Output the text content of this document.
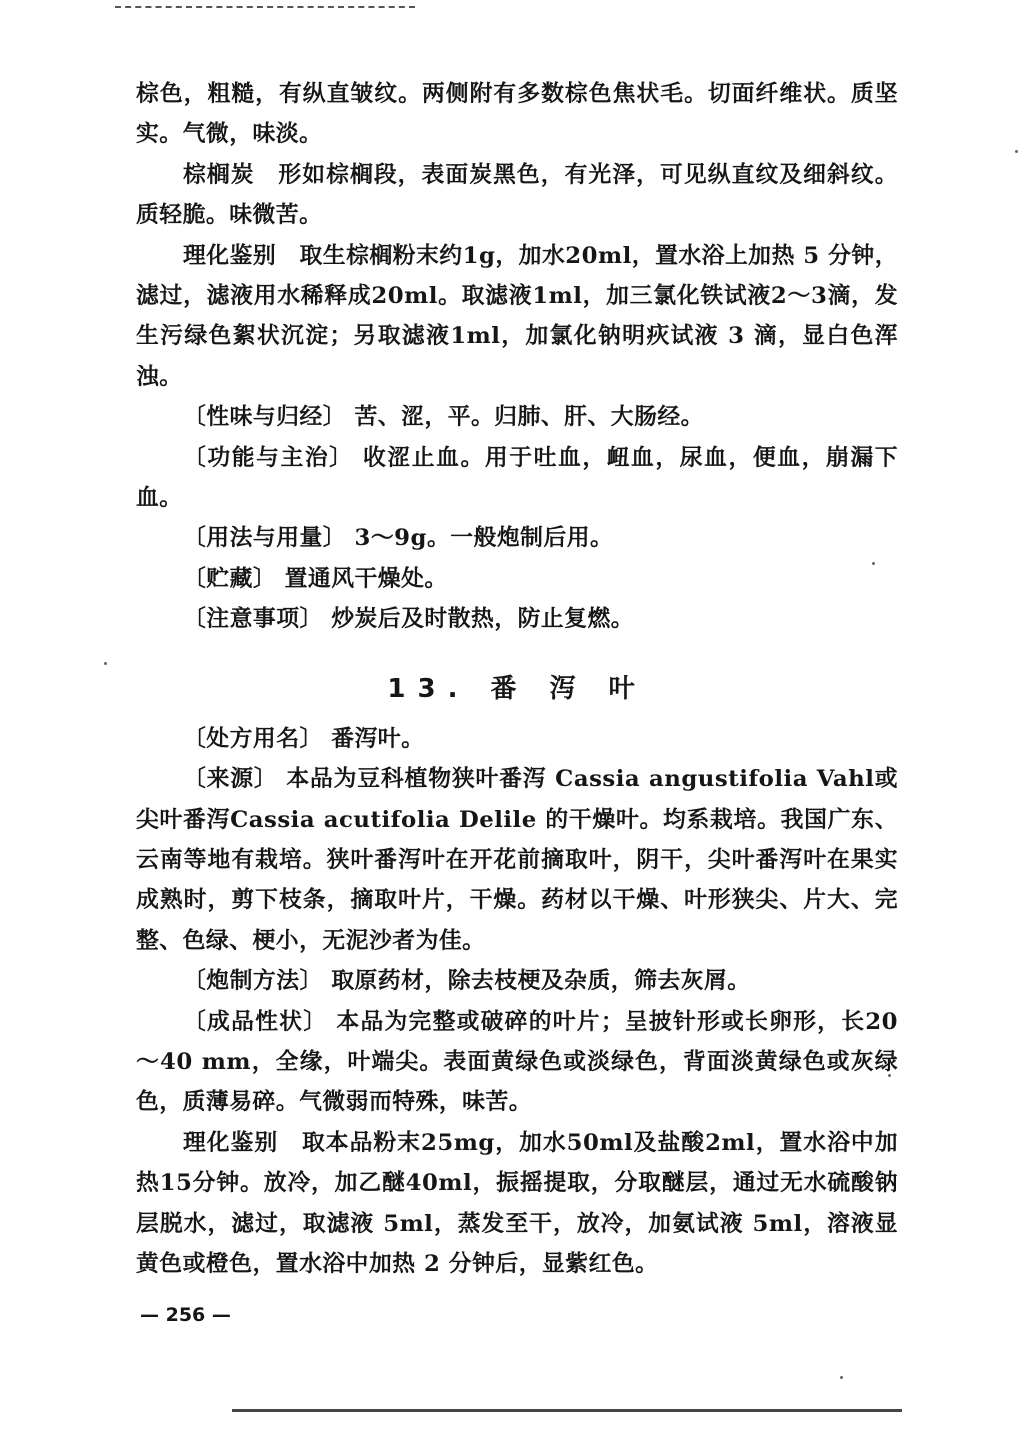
棕色，粗糙，有纵直皱纹。两侧附有多数棕色焦状毛。切面纤维状。质坚实。气微，味淡。

棕榈炭　形如棕榈段，表面炭黑色，有光泽，可见纵直纹及细斜纹。质轻脆。味微苦。

理化鉴别　取生棕榈粉末约1g，加水20ml，置水浴上加热 5 分钟，滤过，滤液用水稀释成20ml。取滤液1ml，加三氯化铁试液2～3滴，发生污绿色絮状沉淀；另取滤液1ml，加氯化钠明疢试液 3 滴，显白色浑浊。

〔性味与归经〕 苦、涩，平。归肺、肝、大肠经。

〔功能与主治〕 收涩止血。用于吐血，衄血，尿血，便血，崩漏下血。

〔用法与用量〕 3～9g。一般炮制后用。

〔贮藏〕 置通风干燥处。

〔注意事项〕 炒炭后及时散热，防止复燃。

13. 番 泻 叶

〔处方用名〕 番泻叶。

〔来源〕 本品为豆科植物狭叶番泻 Cassia angustifolia Vahl或尖叶番泻Cassia acutifolia Delile 的干燥叶。均系栽培。我国广东、云南等地有栽培。狭叶番泻叶在开花前摘取叶，阴干，尖叶番泻叶在果实成熟时，剪下枝条，摘取叶片，干燥。药材以干燥、叶形狭尖、片大、完整、色绿、梗小，无泥沙者为佳。

〔炮制方法〕 取原药材，除去枝梗及杂质，筛去灰屑。

〔成品性状〕 本品为完整或破碎的叶片；呈披针形或长卵形，长20～40 mm，全缘，叶端尖。表面黄绿色或淡绿色，背面淡黄绿色或灰绿色，质薄易碎。气微弱而特殊，味苦。

理化鉴别　取本品粉末25mg，加水50ml及盐酸2ml，置水浴中加热15分钟。放冷，加乙醚40ml，振摇提取，分取醚层，通过无水硫酸钠层脱水，滤过，取滤液 5ml，蒸发至干，放冷，加氨试液 5ml，溶液显黄色或橙色，置水浴中加热 2 分钟后，显紫红色。

— 256 —
